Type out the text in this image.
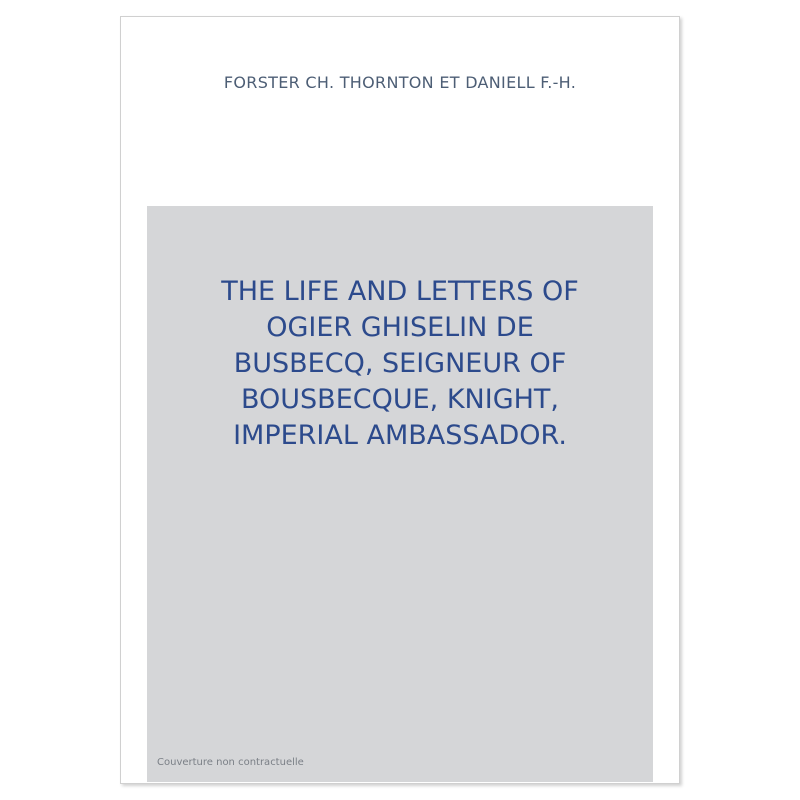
FORSTER CH. THORNTON ET DANIELL F.-H.
THE LIFE AND LETTERS OF
OGIER GHISELIN DE
BUSBECQ, SEIGNEUR OF
BOUSBECQUE, KNIGHT,
IMPERIAL AMBASSADOR.
Couverture non contractuelle
